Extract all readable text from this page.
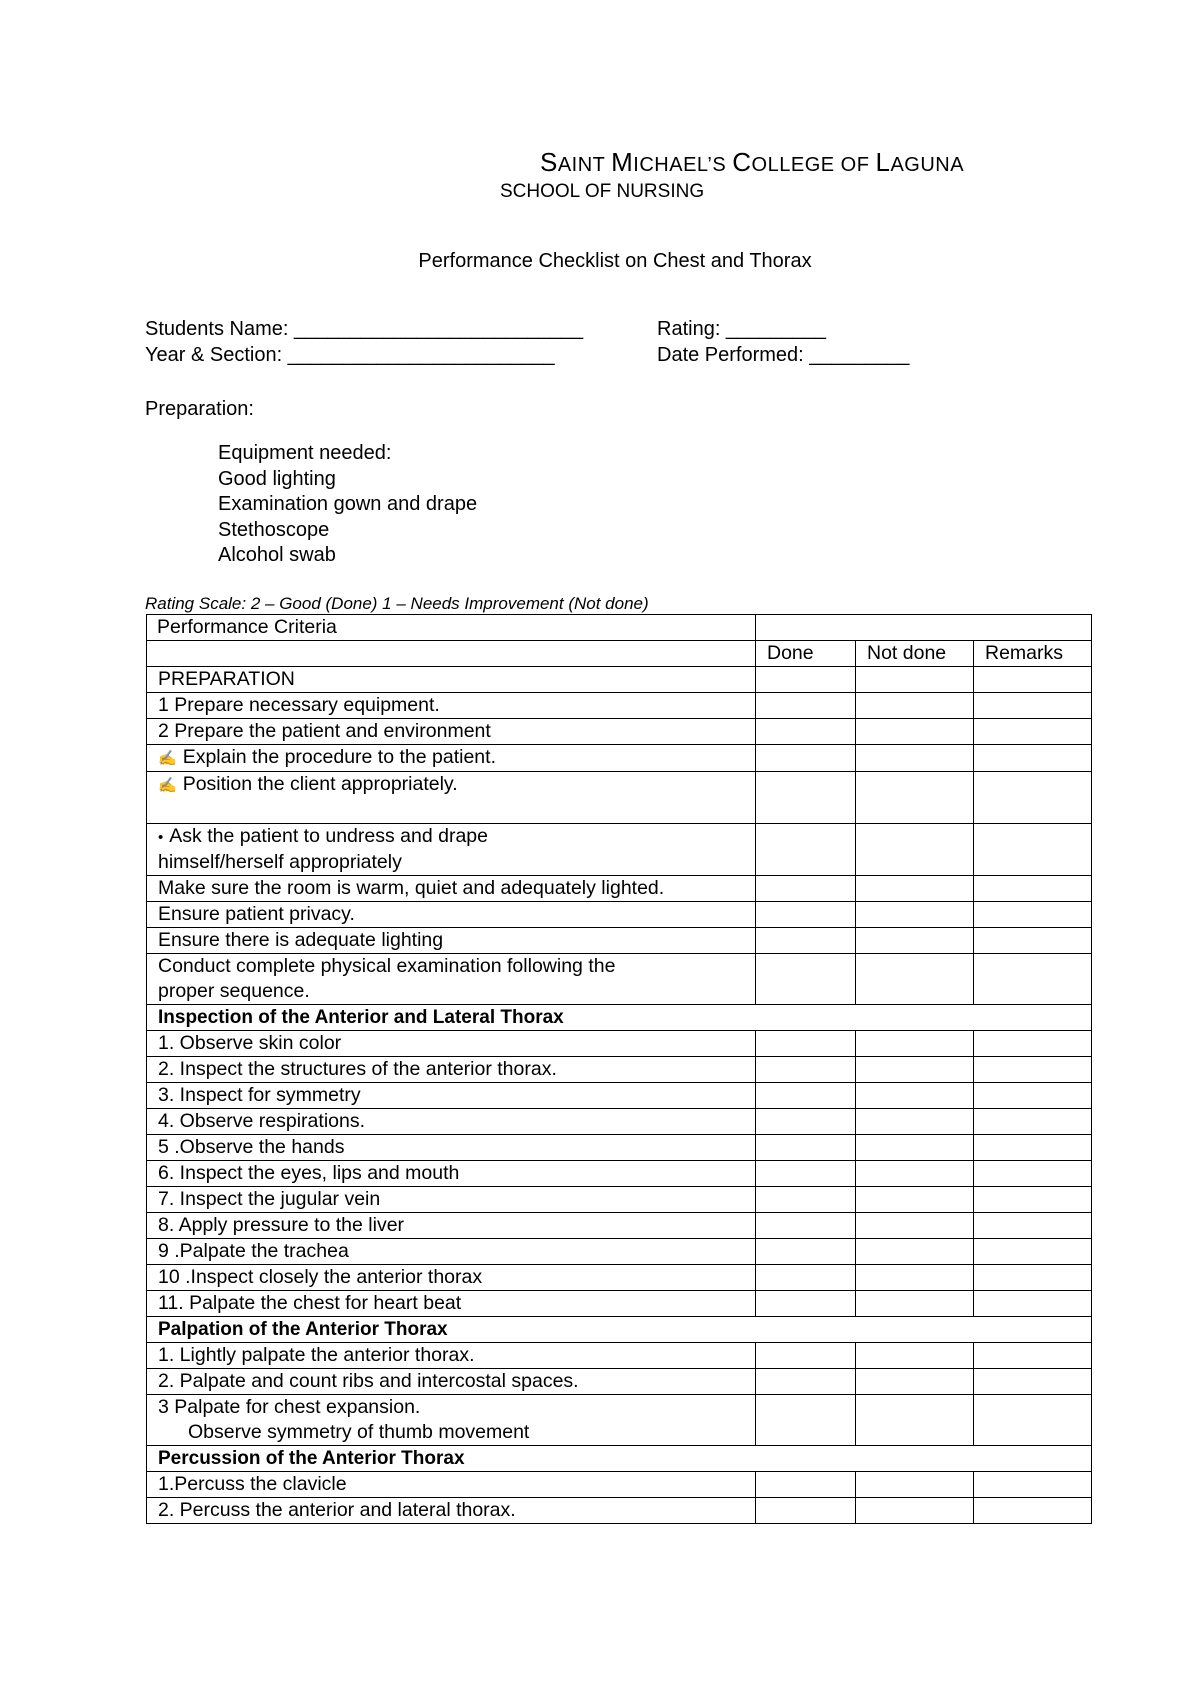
SAINT MICHAEL’S COLLEGE OF LAGUNA
SCHOOL OF NURSING
Performance Checklist on Chest and Thorax
Students Name: __________________________	Rating: _________
Year & Section: ________________________	Date Performed: _________
Preparation:
Equipment needed:
Good lighting
Examination gown and drape
Stethoscope
Alcohol swab
Rating Scale: 2 – Good (Done) 1 – Needs Improvement (Not done)
Performance Criteria			
	Done	Not done	Remarks

PREPARATION			

1 Prepare necessary equipment.			

2 Prepare the patient and environment			

✍ Explain the procedure to the patient.			

✍ Position the client appropriately.			

• Ask the patient to undress and drape
himself/herself appropriately			

Make sure the room is warm, quiet and adequately lighted.			

Ensure patient privacy.			

Ensure there is adequate lighting			

Conduct complete physical examination following the
proper sequence.			

Inspection of the Anterior and Lateral Thorax			

1. Observe skin color			

2. Inspect the structures of the anterior thorax.			

3. Inspect for symmetry			

4. Observe respirations.			

5 .Observe the hands			

6. Inspect the eyes, lips and mouth			

7. Inspect the jugular vein			

8. Apply pressure to the liver			

9 .Palpate the trachea			

10 .Inspect closely the anterior thorax			

11. Palpate the chest for heart beat			

Palpation of the Anterior Thorax			

1. Lightly palpate the anterior thorax.			

2. Palpate and count ribs and intercostal spaces.			

3 Palpate for chest expansion.
Observe symmetry of thumb movement			

Percussion of the Anterior Thorax			

1.Percuss the clavicle			

2. Percuss the anterior and lateral thorax.			
